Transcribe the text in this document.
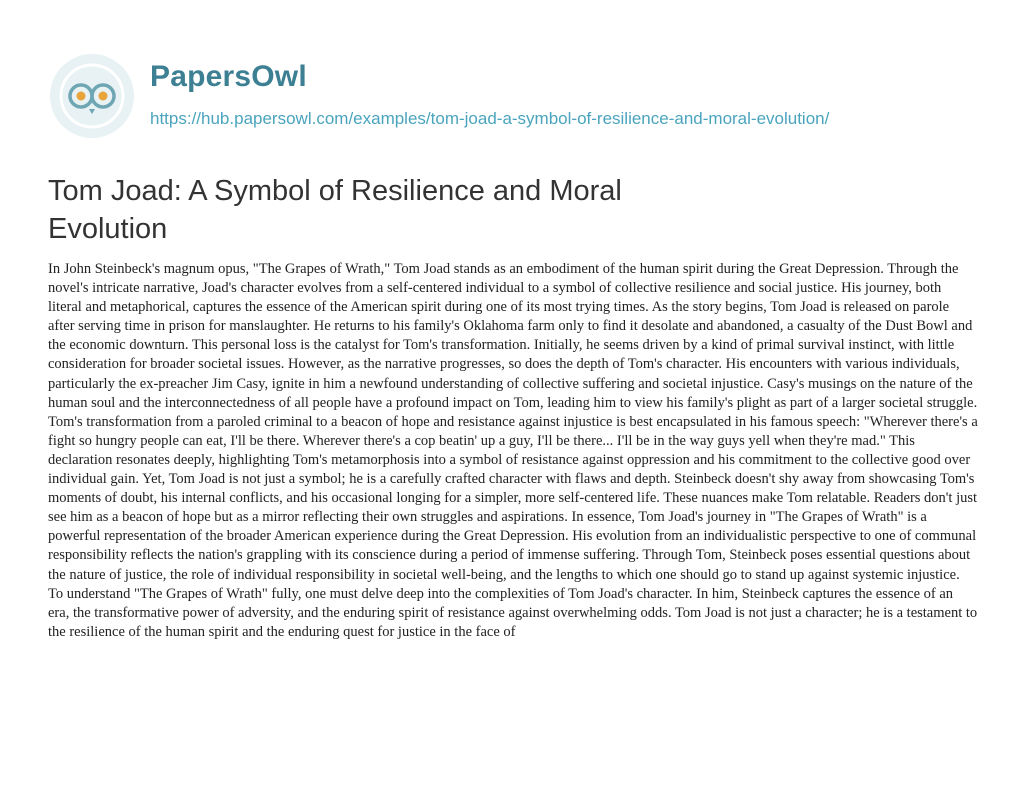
PapersOwl
https://hub.papersowl.com/examples/tom-joad-a-symbol-of-resilience-and-moral-evolution/
Tom Joad: A Symbol of Resilience and Moral Evolution

In John Steinbeck's magnum opus, "The Grapes of Wrath," Tom Joad stands as an embodiment of the human spirit during the Great Depression. Through the novel's intricate narrative, Joad's character evolves from a self-centered individual to a symbol of collective resilience and social justice. His journey, both literal and metaphorical, captures the essence of the American spirit during one of its most trying times. As the story begins, Tom Joad is released on parole after serving time in prison for manslaughter. He returns to his family's Oklahoma farm only to find it desolate and abandoned, a casualty of the Dust Bowl and the economic downturn. This personal loss is the catalyst for Tom's transformation. Initially, he seems driven by a kind of primal survival instinct, with little consideration for broader societal issues. However, as the narrative progresses, so does the depth of Tom's character. His encounters with various individuals, particularly the ex-preacher Jim Casy, ignite in him a newfound understanding of collective suffering and societal injustice. Casy's musings on the nature of the human soul and the interconnectedness of all people have a profound impact on Tom, leading him to view his family's plight as part of a larger societal struggle. Tom's transformation from a paroled criminal to a beacon of hope and resistance against injustice is best encapsulated in his famous speech: "Wherever there's a fight so hungry people can eat, I'll be there. Wherever there's a cop beatin' up a guy, I'll be there... I'll be in the way guys yell when they're mad." This declaration resonates deeply, highlighting Tom's metamorphosis into a symbol of resistance against oppression and his commitment to the collective good over individual gain. Yet, Tom Joad is not just a symbol; he is a carefully crafted character with flaws and depth. Steinbeck doesn't shy away from showcasing Tom's moments of doubt, his internal conflicts, and his occasional longing for a simpler, more self-centered life. These nuances make Tom relatable. Readers don't just see him as a beacon of hope but as a mirror reflecting their own struggles and aspirations. In essence, Tom Joad's journey in "The Grapes of Wrath" is a powerful representation of the broader American experience during the Great Depression. His evolution from an individualistic perspective to one of communal responsibility reflects the nation's grappling with its conscience during a period of immense suffering. Through Tom, Steinbeck poses essential questions about the nature of justice, the role of individual responsibility in societal well-being, and the lengths to which one should go to stand up against systemic injustice. To understand "The Grapes of Wrath" fully, one must delve deep into the complexities of Tom Joad's character. In him, Steinbeck captures the essence of an era, the transformative power of adversity, and the enduring spirit of resistance against overwhelming odds. Tom Joad is not just a character; he is a testament to the resilience of the human spirit and the enduring quest for justice in the face of
